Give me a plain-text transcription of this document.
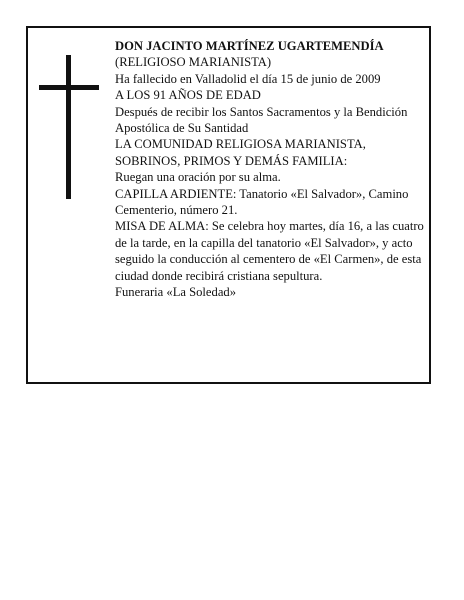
DON JACINTO MARTÍNEZ UGARTEMENDÍA

(RELIGIOSO MARIANISTA)

Ha fallecido en Valladolid el día 15 de junio de 2009

A LOS 91 AÑOS DE EDAD

Después de recibir los Santos Sacramentos y la Bendición Apostólica de Su Santidad

LA COMUNIDAD RELIGIOSA MARIANISTA, SOBRINOS, PRIMOS Y DEMÁS FAMILIA:

Ruegan una oración por su alma.

CAPILLA ARDIENTE: Tanatorio «El Salvador», Camino Cementerio, número 21.

MISA DE ALMA: Se celebra hoy martes, día 16, a las cuatro de la tarde, en la capilla del tanatorio «El Salvador», y acto seguido la conducción al cementero de «El Carmen», de esta ciudad donde recibirá cristiana sepultura.

Funeraria «La Soledad»
